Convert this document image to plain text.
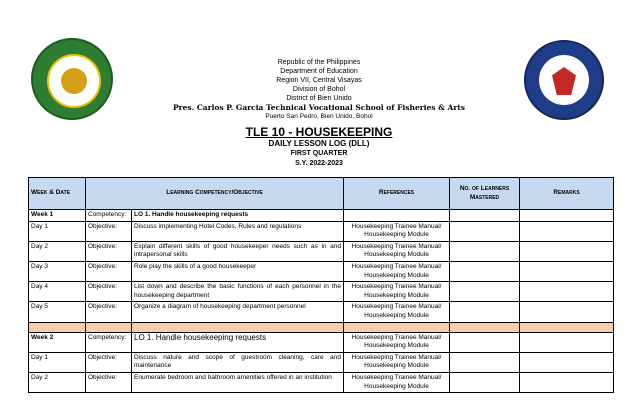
Republic of the Philippines
Department of Education
Region VII, Central Visayas
Division of Bohol
District of Bien Unido
Pres. Carlos P. Garcia Technical Vocational School of Fisheries & Arts
Puerto San Pedro, Bien Unido, Bohol
TLE 10 - HOUSEKEEPING
DAILY LESSON LOG (DLL)
FIRST QUARTER
S.Y. 2022-2023
Week & Date	Learning Competency/Objective		References	No. of Learners Mastered	Remarks
Week 1	Competency:	LO 1. Handle housekeeping requests			
Day 1	Objective:	Discuss implementing Hotel Codes, Rules and regulations	Housekeeping Trainee Manual/ Housekeeping Module		
Day 2	Objective:	Explain different skills of good housekeeper needs such as in and intrapersonal skills	Housekeeping Trainee Manual/ Housekeeping Module		
Day 3	Objective:	Role play the skills of a good housekeeper	Housekeeping Trainee Manual/ Housekeeping Module		
Day 4	Objective:	List down and describe the basic functions of each personnel in the housekeeping department	Housekeeping Trainee Manual/ Housekeeping Module		
Day 5	Objective:	Organize a diagram of housekeeping department personnel	Housekeeping Trainee Manual/ Housekeeping Module		

Week 2	Competency:	LO 1. Handle housekeeping requests	Housekeeping Trainee Manual/ Housekeeping Module		
Day 1	Objective:	Discuss nature and scope of guestroom cleaning, care and maintenance	Housekeeping Trainee Manual/ Housekeeping Module		
Day 2	Objective:	Enumerate bedroom and bathroom amenities offered in an institution	Housekeeping Trainee Manual/ Housekeeping Module		
